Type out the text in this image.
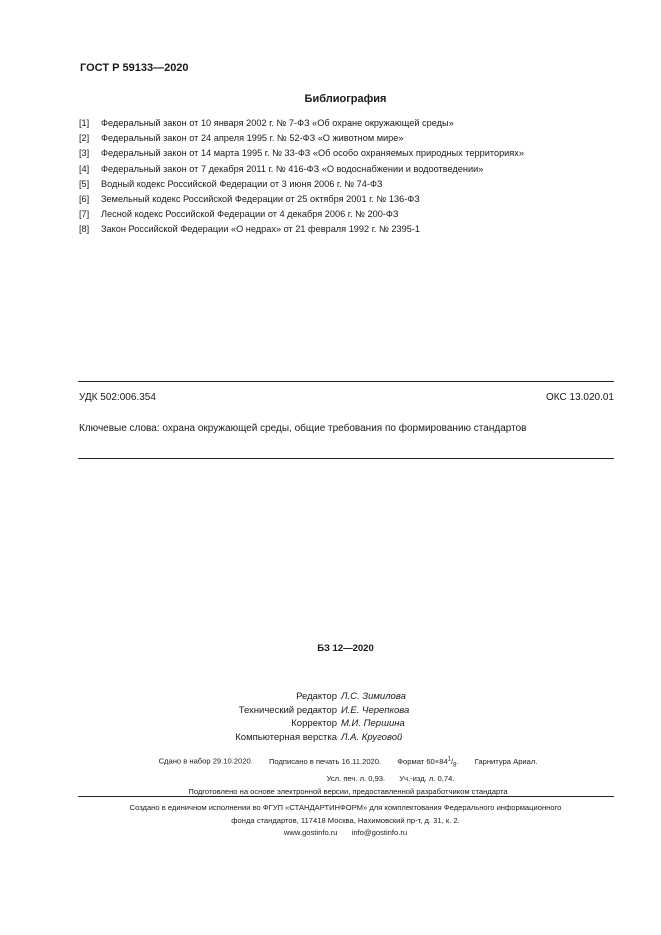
ГОСТ Р 59133—2020
Библиография
[1]	Федеральный закон от 10 января 2002 г. № 7-ФЗ «Об охране окружающей среды»
[2]	Федеральный закон от 24 апреля 1995 г. № 52-ФЗ «О животном мире»
[3]	Федеральный закон от 14 марта 1995 г. № 33-ФЗ «Об особо охраняемых природных территориях»
[4]	Федеральный закон от 7 декабря 2011 г. № 416-ФЗ «О водоснабжении и водоотведении»
[5]	Водный кодекс Российской Федерации от 3 июня 2006 г. № 74-ФЗ
[6]	Земельный кодекс Российской Федерации от 25 октября 2001 г. № 136-ФЗ
[7]	Лесной кодекс Российской Федерации от 4 декабря 2006 г. № 200-ФЗ
[8]	Закон Российской Федерации «О недрах» от 21 февраля 1992 г. № 2395-1
УДК 502:006.354	ОКС 13.020.01
Ключевые слова: охрана окружающей среды, общие требования по формированию стандартов
БЗ 12—2020
Редактор Л.С. Зимилова
Технический редактор И.Е. Черепкова
Корректор М.И. Першина
Компьютерная верстка Л.А. Круговой
Сдано в набор 29.10.2020. Подписано в печать 16.11.2020. Формат $60\times 84^1/_8$. Гарнитура Ариал.
Усл. печ. л. 0,93. Уч.-изд. л. 0,74.
Подготовлено на основе электронной версии, предоставленной разработчиком стандарта
Создано в единичном исполнении во ФГУП «СТАНДАРТИНФОРМ» для комплектования Федерального информационного
фонда стандартов, 117418 Москва, Нахимовский пр-т, д. 31, к. 2.
www.gostinfo.ru info@gostinfo.ru
